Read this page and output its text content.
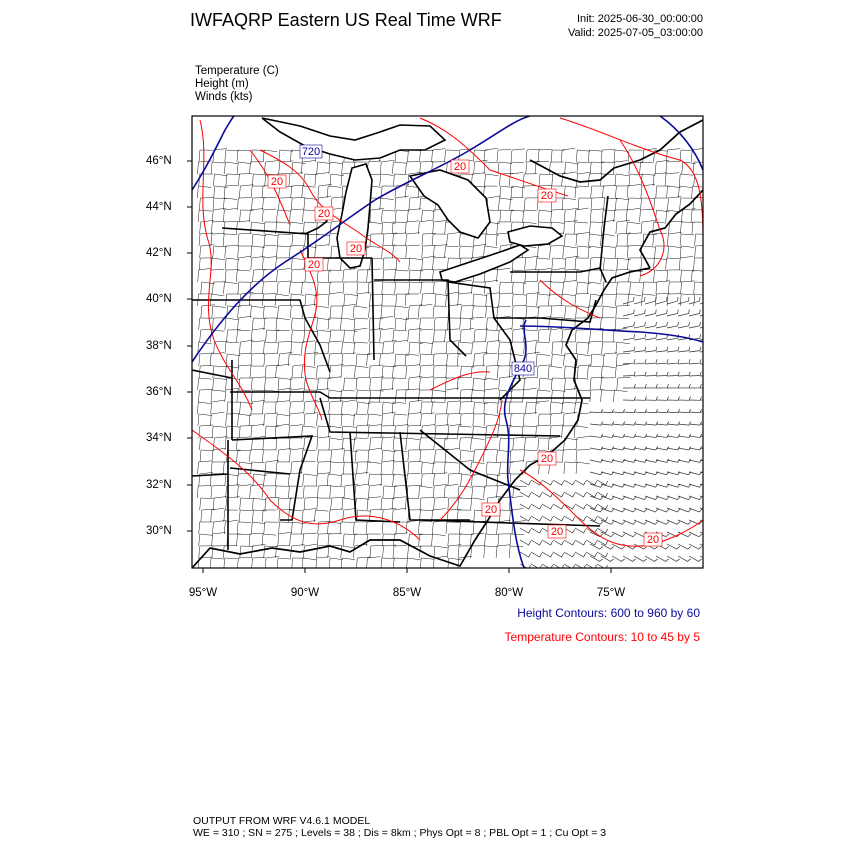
IWFAQRP Eastern US Real Time WRF	Init: 2025-06-30_00:00:00
Valid: 2025-07-05_03:00:00
Temperature (C)
Height (m)
Winds (kts)
720
840
20
20
20
20
20
20
20
20
20
20
95°W	90°W	85°W	80°W	75°W
46°N
44°N
42°N
40°N
38°N
36°N
34°N
32°N
30°N
Height Contours: 600 to 960 by 60
Temperature Contours: 10 to 45 by 5
OUTPUT FROM WRF V4.6.1 MODEL
WE = 310 ; SN = 275 ; Levels = 38 ; Dis = 8km ; Phys Opt = 8 ; PBL Opt = 1 ; Cu Opt = 3
